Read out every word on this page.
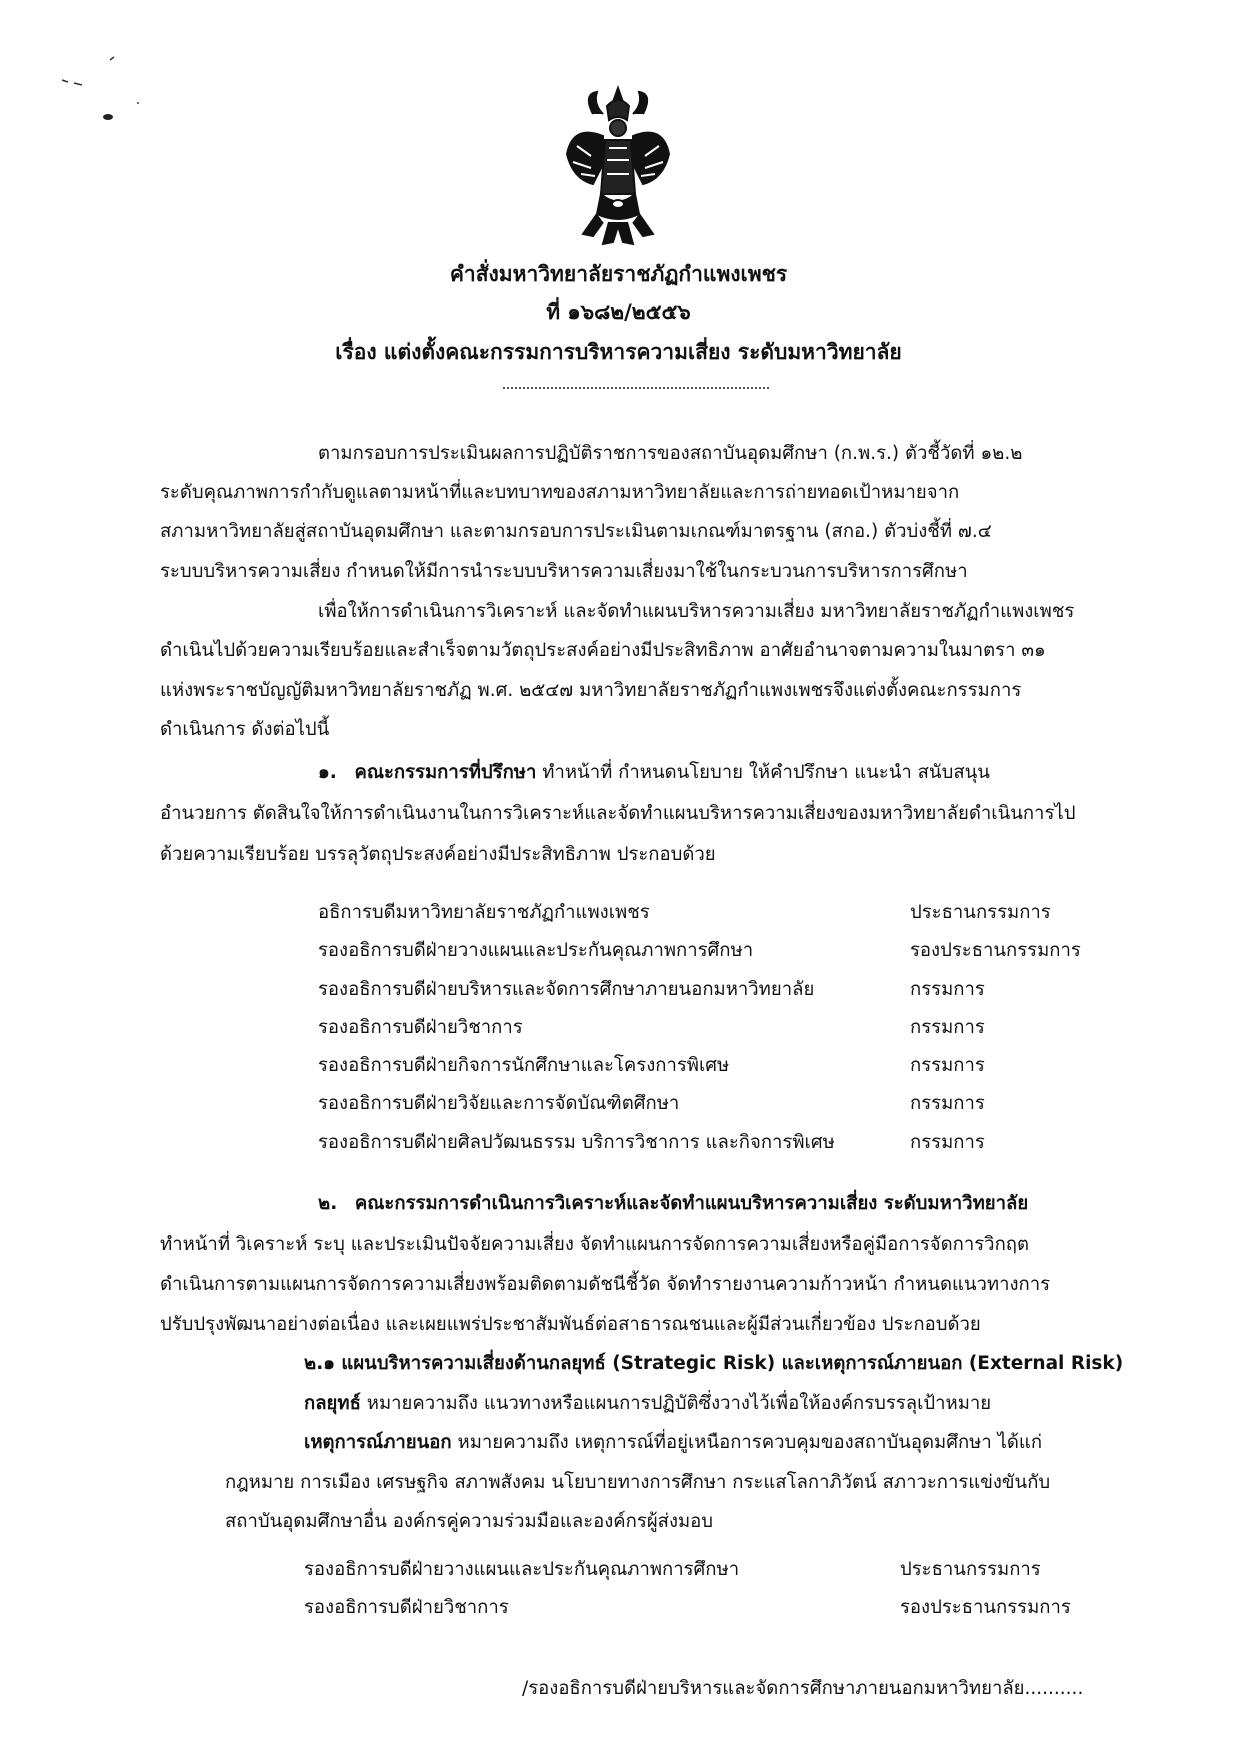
คำสั่งมหาวิทยาลัยราชภัฏกำแพงเพชร
ที่ ๑๖๘๒/๒๕๕๖
เรื่อง แต่งตั้งคณะกรรมการบริหารความเสี่ยง ระดับมหาวิทยาลัย
ตามกรอบการประเมินผลการปฏิบัติราชการของสถาบันอุดมศึกษา (ก.พ.ร.) ตัวชี้วัดที่ ๑๒.๒
ระดับคุณภาพการกำกับดูแลตามหน้าที่และบทบาทของสภามหาวิทยาลัยและการถ่ายทอดเป้าหมายจาก
สภามหาวิทยาลัยสู่สถาบันอุดมศึกษา และตามกรอบการประเมินตามเกณฑ์มาตรฐาน (สกอ.) ตัวบ่งชี้ที่ ๗.๔
ระบบบริหารความเสี่ยง กำหนดให้มีการนำระบบบริหารความเสี่ยงมาใช้ในกระบวนการบริหารการศึกษา
เพื่อให้การดำเนินการวิเคราะห์ และจัดทำแผนบริหารความเสี่ยง มหาวิทยาลัยราชภัฏกำแพงเพชร
ดำเนินไปด้วยความเรียบร้อยและสำเร็จตามวัตถุประสงค์อย่างมีประสิทธิภาพ อาศัยอำนาจตามความในมาตรา ๓๑
แห่งพระราชบัญญัติมหาวิทยาลัยราชภัฏ พ.ศ. ๒๕๔๗ มหาวิทยาลัยราชภัฏกำแพงเพชรจึงแต่งตั้งคณะกรรมการ
ดำเนินการ ดังต่อไปนี้
๑. คณะกรรมการที่ปรึกษา ทำหน้าที่ กำหนดนโยบาย ให้คำปรึกษา แนะนำ สนับสนุน
อำนวยการ ตัดสินใจให้การดำเนินงานในการวิเคราะห์และจัดทำแผนบริหารความเสี่ยงของมหาวิทยาลัยดำเนินการไป
ด้วยความเรียบร้อย บรรลุวัตถุประสงค์อย่างมีประสิทธิภาพ ประกอบด้วย
อธิการบดีมหาวิทยาลัยราชภัฏกำแพงเพชร	ประธานกรรมการ
รองอธิการบดีฝ่ายวางแผนและประกันคุณภาพการศึกษา	รองประธานกรรมการ
รองอธิการบดีฝ่ายบริหารและจัดการศึกษาภายนอกมหาวิทยาลัย	กรรมการ
รองอธิการบดีฝ่ายวิชาการ	กรรมการ
รองอธิการบดีฝ่ายกิจการนักศึกษาและโครงการพิเศษ	กรรมการ
รองอธิการบดีฝ่ายวิจัยและการจัดบัณฑิตศึกษา	กรรมการ
รองอธิการบดีฝ่ายศิลปวัฒนธรรม บริการวิชาการ และกิจการพิเศษ	กรรมการ
๒. คณะกรรมการดำเนินการวิเคราะห์และจัดทำแผนบริหารความเสี่ยง ระดับมหาวิทยาลัย
ทำหน้าที่ วิเคราะห์ ระบุ และประเมินปัจจัยความเสี่ยง จัดทำแผนการจัดการความเสี่ยงหรือคู่มือการจัดการวิกฤต
ดำเนินการตามแผนการจัดการความเสี่ยงพร้อมติดตามดัชนีชี้วัด จัดทำรายงานความก้าวหน้า กำหนดแนวทางการ
ปรับปรุงพัฒนาอย่างต่อเนื่อง และเผยแพร่ประชาสัมพันธ์ต่อสาธารณชนและผู้มีส่วนเกี่ยวข้อง ประกอบด้วย
๒.๑ แผนบริหารความเสี่ยงด้านกลยุทธ์ (Strategic Risk) และเหตุการณ์ภายนอก (External Risk)
กลยุทธ์ หมายความถึง แนวทางหรือแผนการปฏิบัติซึ่งวางไว้เพื่อให้องค์กรบรรลุเป้าหมาย
เหตุการณ์ภายนอก หมายความถึง เหตุการณ์ที่อยู่เหนือการควบคุมของสถาบันอุดมศึกษา ได้แก่
กฎหมาย การเมือง เศรษฐกิจ สภาพสังคม นโยบายทางการศึกษา กระแสโลกาภิวัตน์ สภาวะการแข่งขันกับ
สถาบันอุดมศึกษาอื่น องค์กรคู่ความร่วมมือและองค์กรผู้ส่งมอบ
รองอธิการบดีฝ่ายวางแผนและประกันคุณภาพการศึกษา	ประธานกรรมการ
รองอธิการบดีฝ่ายวิชาการ	รองประธานกรรมการ
/รองอธิการบดีฝ่ายบริหารและจัดการศึกษาภายนอกมหาวิทยาลัย..........
